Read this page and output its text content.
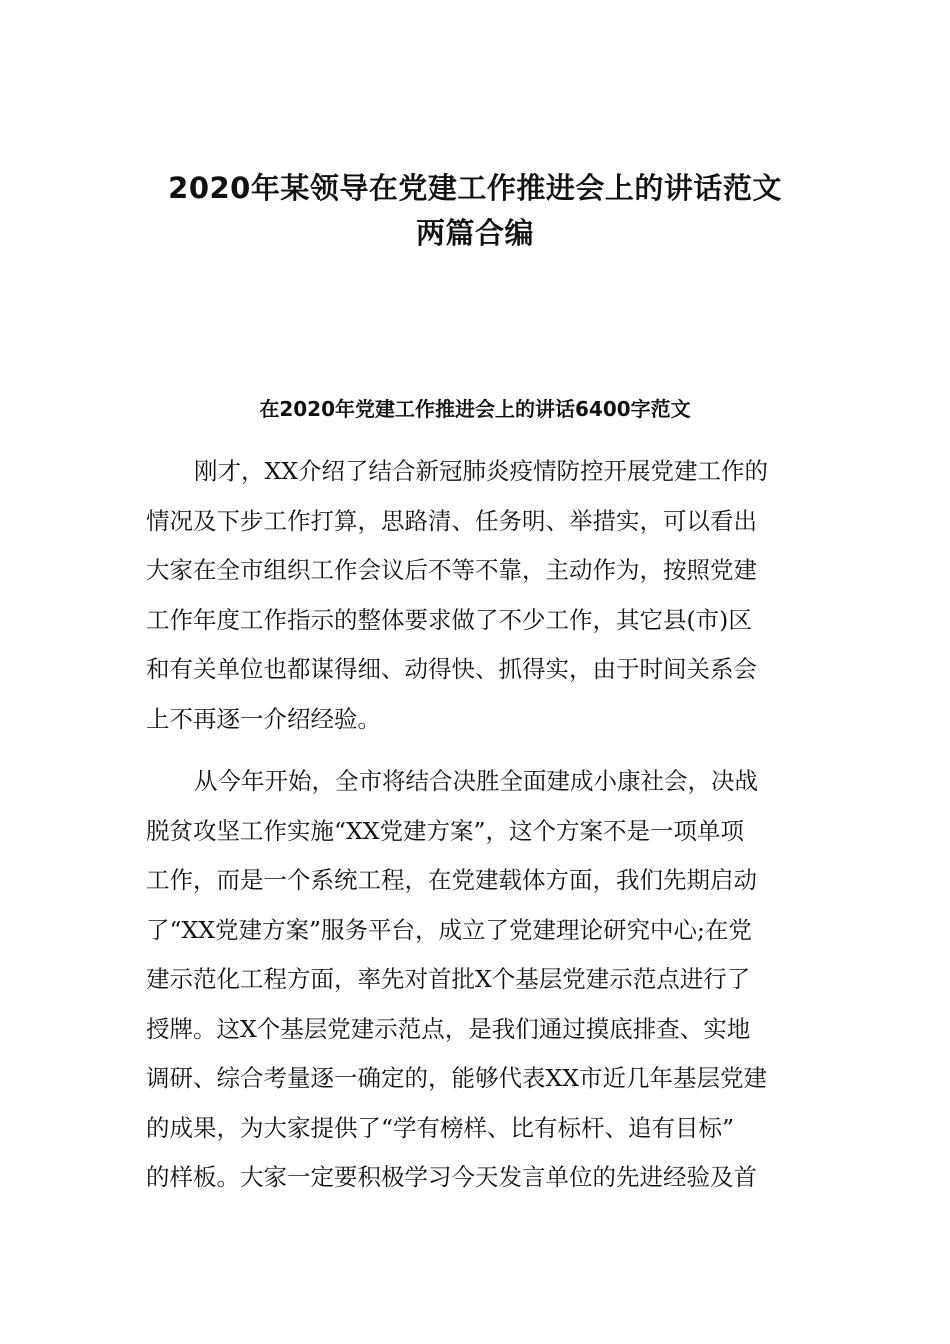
2020年某领导在党建工作推进会上的讲话范文
两篇合编
在2020年党建工作推进会上的讲话6400字范文
刚才，XX介绍了结合新冠肺炎疫情防控开展党建工作的
情况及下步工作打算，思路清、任务明、举措实，可以看出
大家在全市组织工作会议后不等不靠，主动作为，按照党建
工作年度工作指示的整体要求做了不少工作，其它县(市)区
和有关单位也都谋得细、动得快、抓得实，由于时间关系会
上不再逐一介绍经验。
从今年开始，全市将结合决胜全面建成小康社会，决战
脱贫攻坚工作实施“XX党建方案”，这个方案不是一项单项
工作，而是一个系统工程，在党建载体方面，我们先期启动
了“XX党建方案”服务平台，成立了党建理论研究中心;在党
建示范化工程方面，率先对首批X个基层党建示范点进行了
授牌。这X个基层党建示范点，是我们通过摸底排查、实地
调研、综合考量逐一确定的，能够代表XX市近几年基层党建
的成果，为大家提供了“学有榜样、比有标杆、追有目标”
的样板。大家一定要积极学习今天发言单位的先进经验及首
